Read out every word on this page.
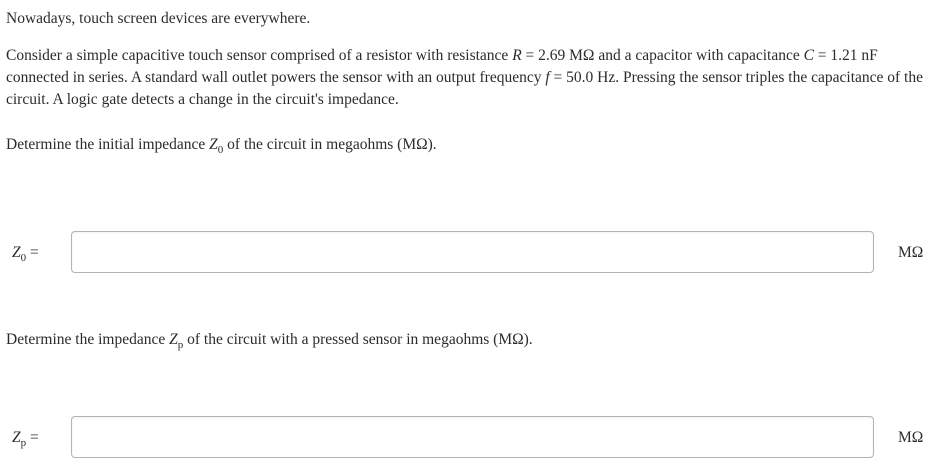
Nowadays, touch screen devices are everywhere.

Consider a simple capacitive touch sensor comprised of a resistor with resistance R = 2.69 MΩ and a capacitor with capacitance C = 1.21 nF connected in series. A standard wall outlet powers the sensor with an output frequency f = 50.0 Hz. Pressing the sensor triples the capacitance of the circuit. A logic gate detects a change in the circuit's impedance.

Determine the initial impedance $Z_0$ of the circuit in megaohms (MΩ).

$Z_0$ =	MΩ

Determine the impedance $Z_p$ of the circuit with a pressed sensor in megaohms (MΩ).

$Z_p$ =	MΩ
